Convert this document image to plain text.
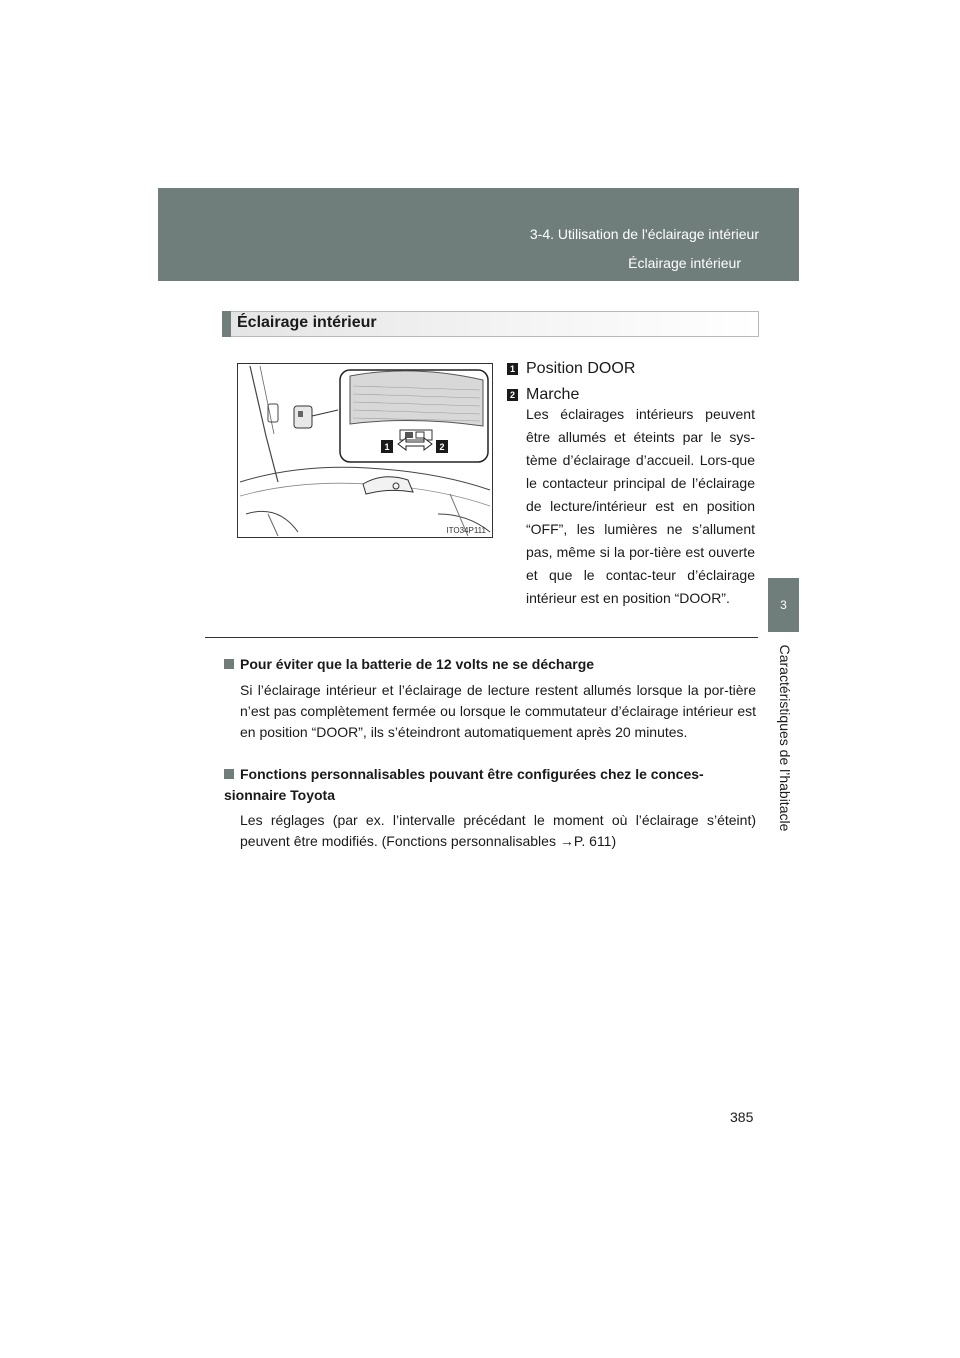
3-4. Utilisation de l'éclairage intérieur
Éclairage intérieur
3
Caractéristiques de l’habitacle
Éclairage intérieur
1	2
ITO34P111
1 Position DOOR
2 Marche
Les éclairages intérieurs peuvent être allumés et éteints par le sys-tème d’éclairage d’accueil. Lors-que le contacteur principal de l’éclairage de lecture/intérieur est en position “OFF”, les lumières ne s’allument pas, même si la por-tière est ouverte et que le contac-teur d’éclairage intérieur est en position “DOOR”.
Pour éviter que la batterie de 12 volts ne se décharge
Si l’éclairage intérieur et l’éclairage de lecture restent allumés lorsque la por-tière n’est pas complètement fermée ou lorsque le commutateur d’éclairage intérieur est en position “DOOR”, ils s’éteindront automatiquement après 20 minutes.
Fonctions personnalisables pouvant être configurées chez le conces-sionnaire Toyota
Les réglages (par ex. l’intervalle précédant le moment où l’éclairage s’éteint) peuvent être modifiés. (Fonctions personnalisables →P. 611)
385
